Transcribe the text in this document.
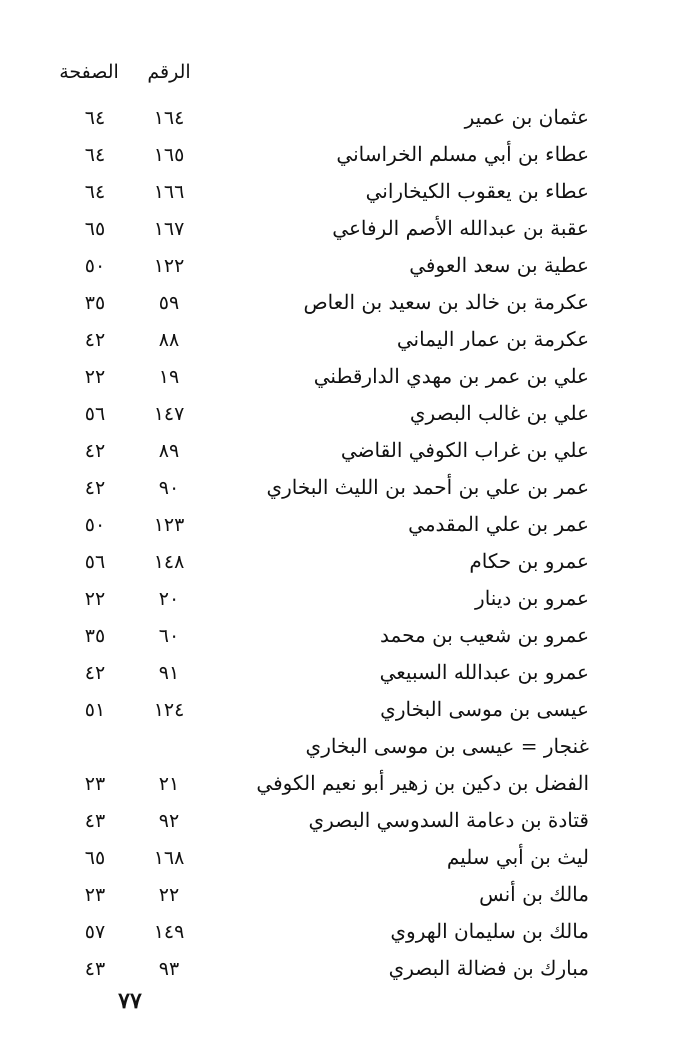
الصفحة الرقم
عثمان بن عمير
١٦٤
٦٤
عطاء بن أبي مسلم الخراساني
١٦٥
٦٤
عطاء بن يعقوب الكيخاراني
١٦٦
٦٤
عقبة بن عبدالله الأصم الرفاعي
١٦٧
٦٥
عطية بن سعد العوفي
١٢٢
٥٠
عكرمة بن خالد بن سعيد بن العاص
٥٩
٣٥
عكرمة بن عمار اليماني
٨٨
٤٢
علي بن عمر بن مهدي الدارقطني
١٩
٢٢
علي بن غالب البصري
١٤٧
٥٦
علي بن غراب الكوفي القاضي
٨٩
٤٢
عمر بن علي بن أحمد بن الليث البخاري
٩٠
٤٢
عمر بن علي المقدمي
١٢٣
٥٠
عمرو بن حكام
١٤٨
٥٦
عمرو بن دينار
٢٠
٢٢
عمرو بن شعيب بن محمد
٦٠
٣٥
عمرو بن عبدالله السبيعي
٩١
٤٢
عيسى بن موسى البخاري
١٢٤
٥١
غنجار = عيسى بن موسى البخاري
الفضل بن دكين بن زهير أبو نعيم الكوفي
٢١
٢٣
قتادة بن دعامة السدوسي البصري
٩٢
٤٣
ليث بن أبي سليم
١٦٨
٦٥
مالك بن أنس
٢٢
٢٣
مالك بن سليمان الهروي
١٤٩
٥٧
مبارك بن فضالة البصري
٩٣
٤٣
٧٧
